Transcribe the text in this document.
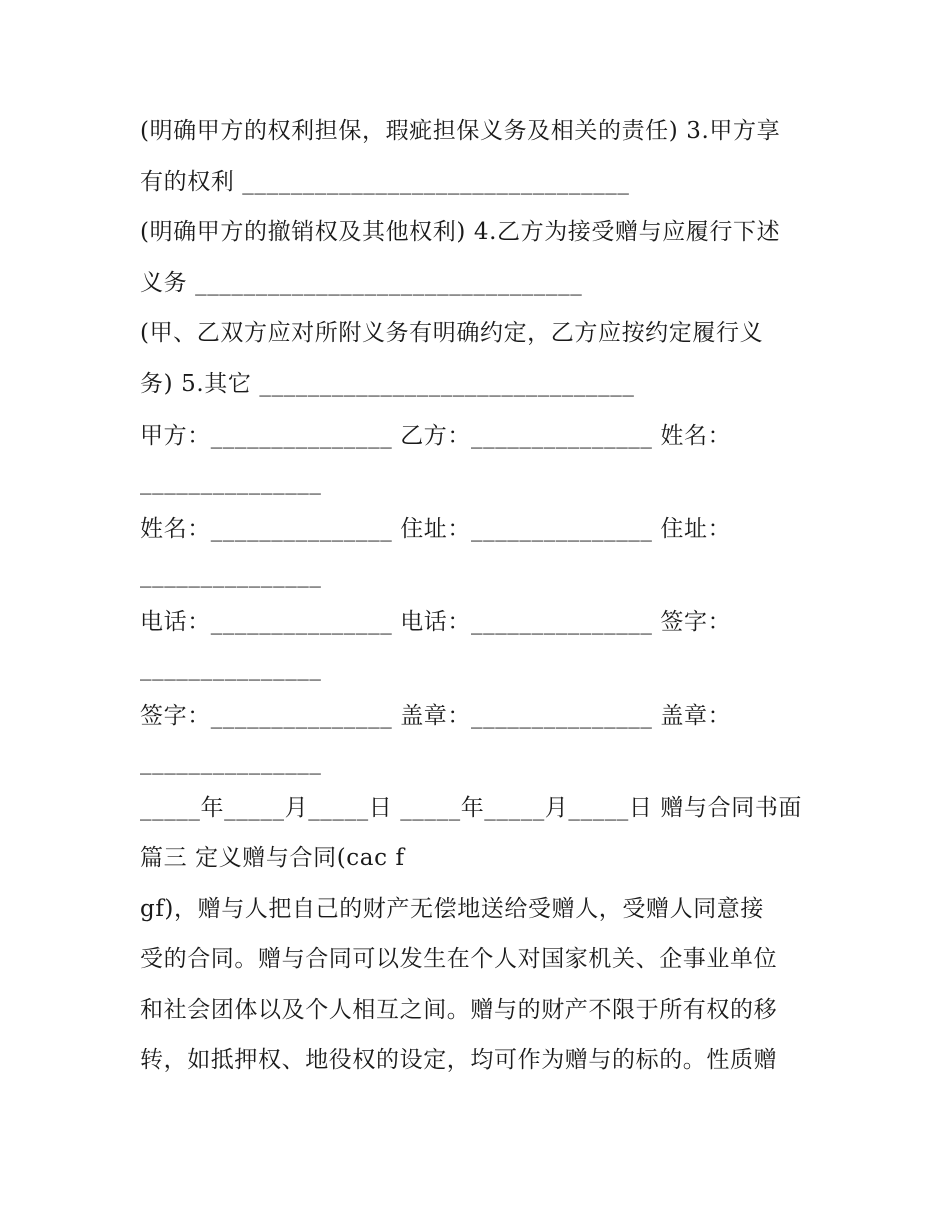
(明确甲方的权利担保，瑕疵担保义务及相关的责任) 3.甲方享
有的权利 ________________________________
(明确甲方的撤销权及其他权利) 4.乙方为接受赠与应履行下述
义务 ________________________________
(甲、乙双方应对所附义务有明确约定，乙方应按约定履行义
务) 5.其它 _______________________________
甲方：_______________ 乙方：_______________ 姓名：
_______________
姓名：_______________ 住址：_______________ 住址：
_______________
电话：_______________ 电话：_______________ 签字：
_______________
签字：_______________ 盖章：_______________ 盖章：
_______________
_____年_____月_____日 _____年_____月_____日 赠与合同书面
篇三 定义赠与合同(cac f
gf)，赠与人把自己的财产无偿地送给受赠人，受赠人同意接
受的合同。赠与合同可以发生在个人对国家机关、企事业单位
和社会团体以及个人相互之间。赠与的财产不限于所有权的移
转，如抵押权、地役权的设定，均可作为赠与的标的。性质赠
